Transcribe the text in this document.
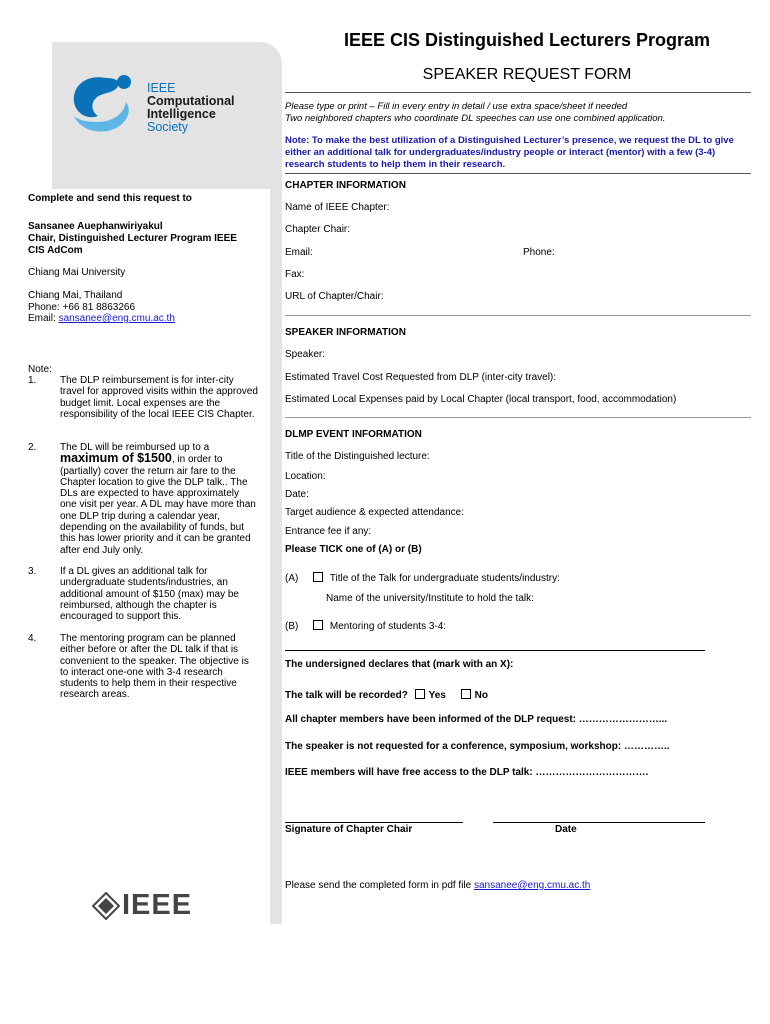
IEEE
Computational
Intelligence
Society
Complete and send this request to
Sansanee Auephanwiriyakul
Chair, Distinguished Lecturer Program IEEE
CIS AdCom
Chiang Mai University
Chiang Mai, Thailand
Phone: +66 81 8863266
Email: sansanee@eng.cmu.ac.th
Note:
1. The DLP reimbursement is for inter-city travel for approved visits within the approved budget limit. Local expenses are the responsibility of the local IEEE CIS Chapter.
2. The DL will be reimbursed up to a
maximum of $1500, in order to (partially) cover the return air fare to the Chapter location to give the DLP talk.. The DLs are expected to have approximately one visit per year. A DL may have more than one DLP trip during a calendar year, depending on the availability of funds, but this has lower priority and it can be granted after end July only.
3. If a DL gives an additional talk for undergraduate students/industries, an additional amount of $150 (max) may be reimbursed, although the chapter is encouraged to support this.
4. The mentoring program can be planned either before or after the DL talk if that is convenient to the speaker. The objective is to interact one-one with 3-4 research students to help them in their respective research areas.
IEEE
IEEE CIS Distinguished Lecturers Program
SPEAKER REQUEST FORM
Please type or print – Fill in every entry in detail / use extra space/sheet if needed
Two neighbored chapters who coordinate DL speeches can use one combined application.
Note: To make the best utilization of a Distinguished Lecturer’s presence, we request the DL to give either an additional talk for undergraduates/industry people or interact (mentor) with a few (3-4) research students to help them in their research.
CHAPTER INFORMATION
Name of IEEE Chapter:
Chapter Chair:
Email:	Phone:
Fax:
URL of Chapter/Chair:
SPEAKER INFORMATION
Speaker:
Estimated Travel Cost Requested from DLP (inter-city travel):
Estimated Local Expenses paid by Local Chapter (local transport, food, accommodation)
DLMP EVENT INFORMATION
Title of the Distinguished lecture:
Location:
Date:
Target audience & expected attendance:
Entrance fee if any:
Please TICK one of (A) or (B)
(A)	Title of the Talk for undergraduate students/industry:
Name of the university/Institute to hold the talk:
(B)	Mentoring of students 3-4:
The undersigned declares that (mark with an X):
The talk will be recorded? Yes	No
All chapter members have been informed of the DLP request: ……………………...
The speaker is not requested for a conference, symposium, workshop: …………..
IEEE members will have free access to the DLP talk: …………………………….
Signature of Chapter Chair	Date
Please send the completed form in pdf file sansanee@eng.cmu.ac.th
